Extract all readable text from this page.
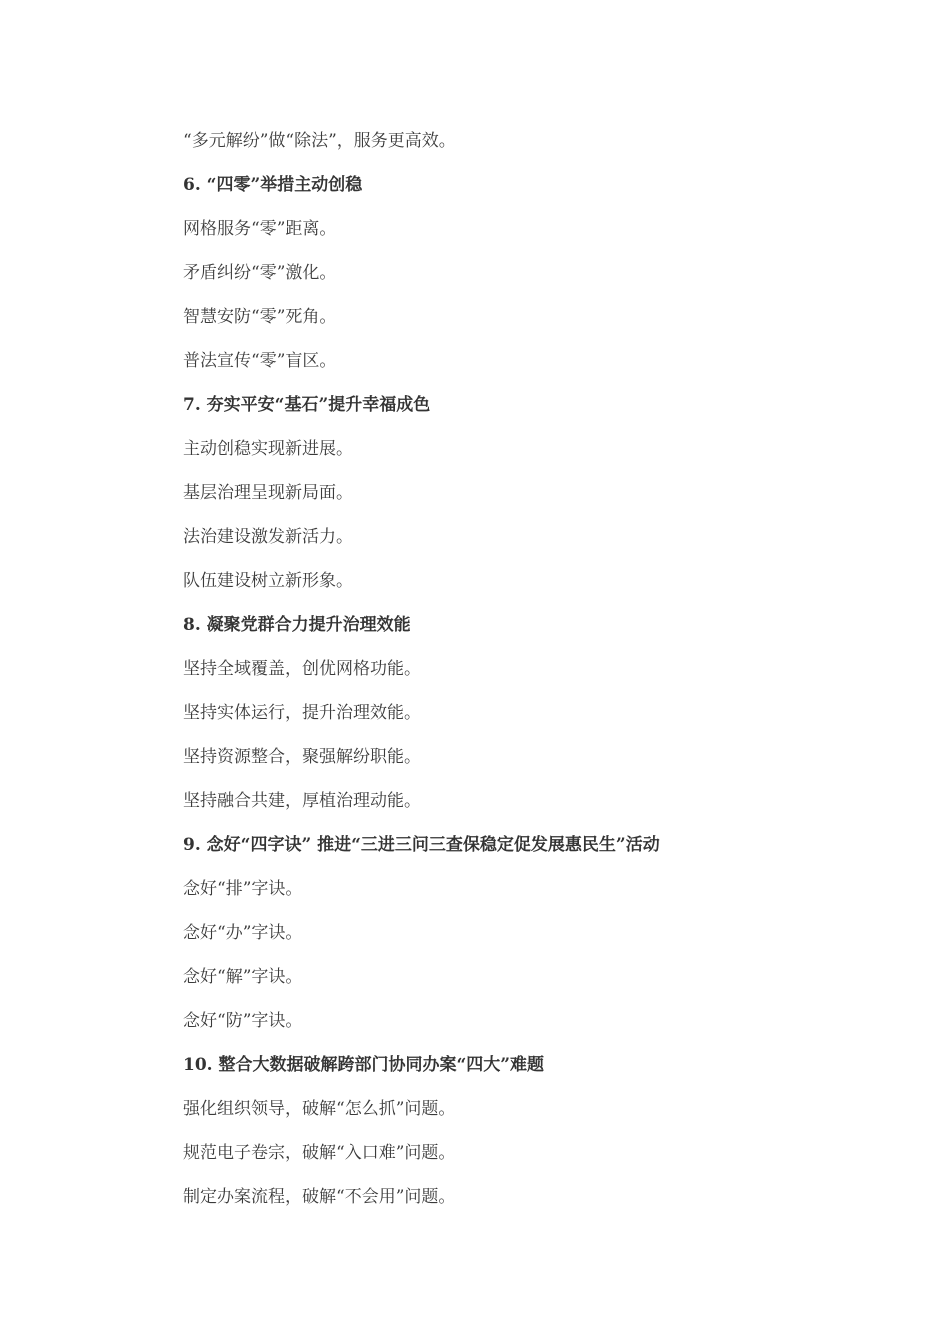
“多元解纷”做“除法”，服务更高效。
6. “四零”举措主动创稳
网格服务“零”距离。
矛盾纠纷“零”激化。
智慧安防“零”死角。
普法宣传“零”盲区。
7. 夯实平安“基石”提升幸福成色
主动创稳实现新进展。
基层治理呈现新局面。
法治建设激发新活力。
队伍建设树立新形象。
8. 凝聚党群合力提升治理效能
坚持全域覆盖，创优网格功能。
坚持实体运行，提升治理效能。
坚持资源整合，聚强解纷职能。
坚持融合共建，厚植治理动能。
9. 念好“四字诀” 推进“三进三问三查保稳定促发展惠民生”活动
念好“排”字诀。
念好“办”字诀。
念好“解”字诀。
念好“防”字诀。
10. 整合大数据破解跨部门协同办案“四大”难题
强化组织领导，破解“怎么抓”问题。
规范电子卷宗，破解“入口难”问题。
制定办案流程，破解“不会用”问题。
